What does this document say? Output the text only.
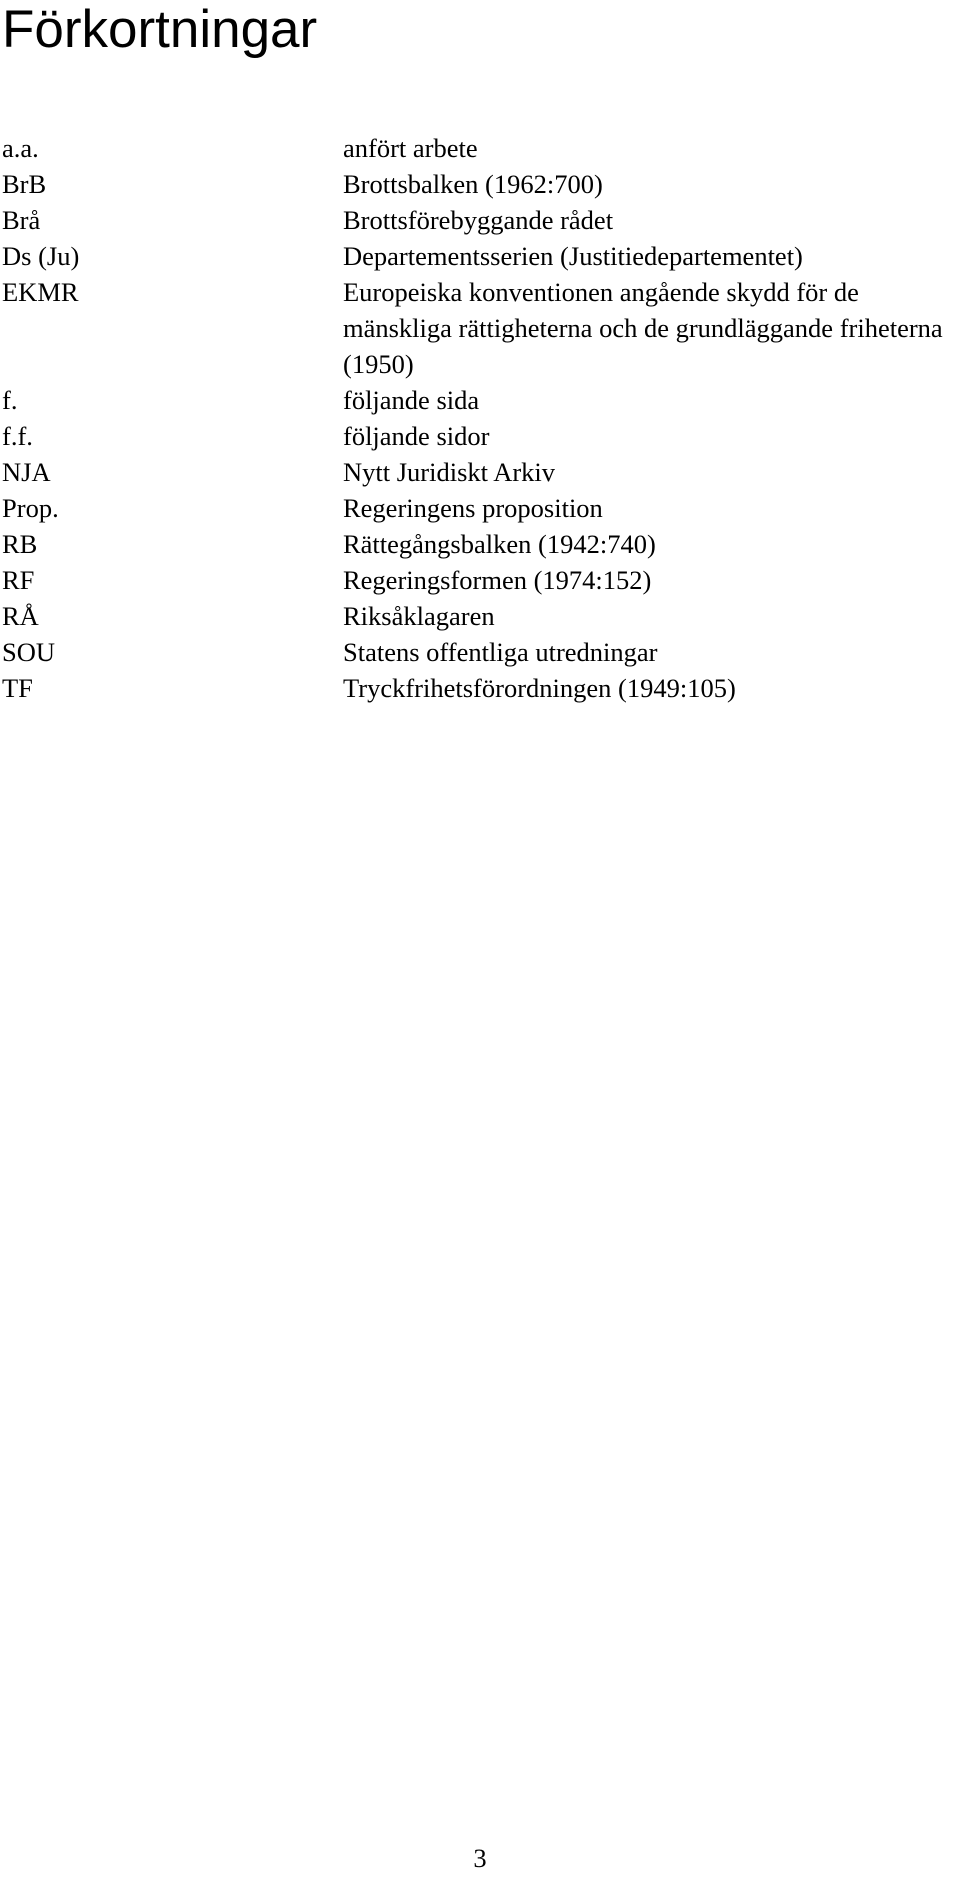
Förkortningar
a.a.	anfört arbete
BrB	Brottsbalken (1962:700)
Brå	Brottsförebyggande rådet
Ds (Ju)	Departementsserien (Justitiedepartementet)
EKMR	Europeiska konventionen angående skydd för de mänskliga rättigheterna och de grundläggande friheterna (1950)
f.	följande sida
f.f.	följande sidor
NJA	Nytt Juridiskt Arkiv
Prop.	Regeringens proposition
RB	Rättegångsbalken (1942:740)
RF	Regeringsformen (1974:152)
RÅ	Riksåklagaren
SOU	Statens offentliga utredningar
TF	Tryckfrihetsförordningen (1949:105)
3
